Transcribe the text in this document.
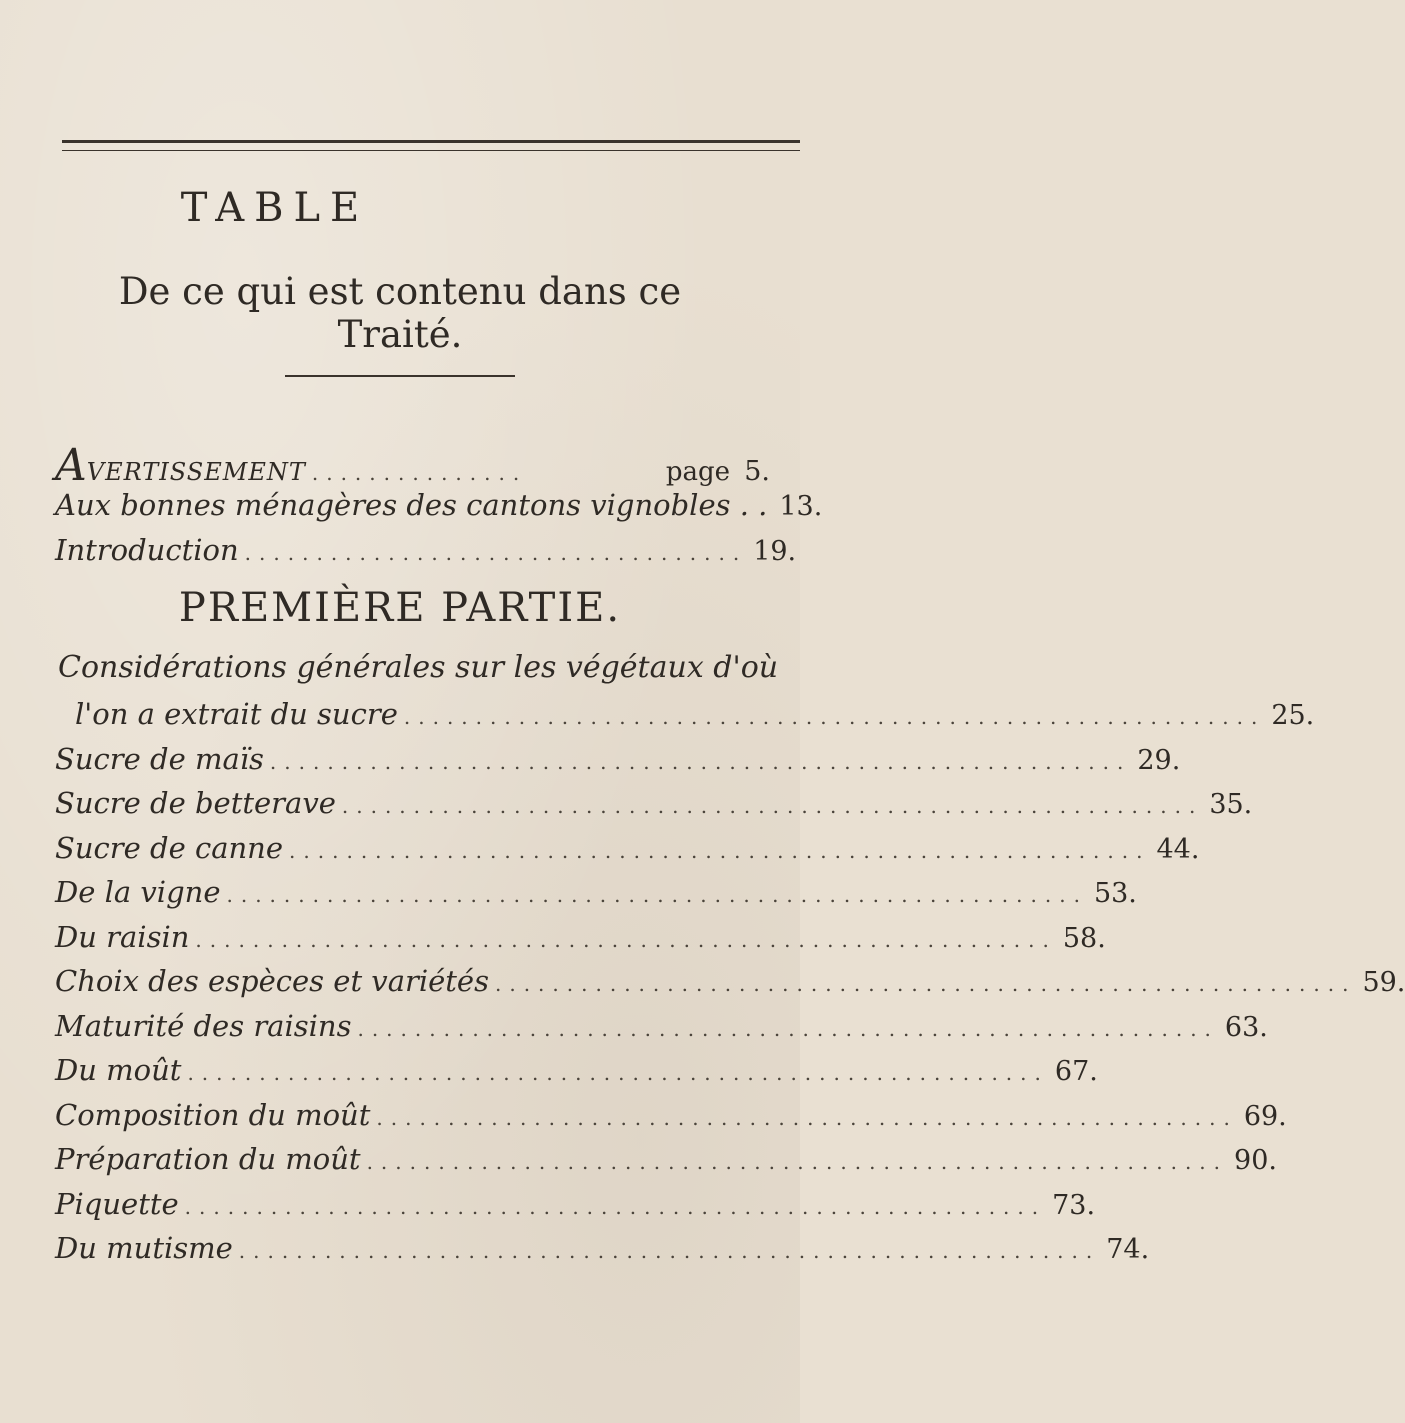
TABLE
De ce qui est contenu dans ce Traité.
AVERTISSEMENT ...............	page 5.
Aux bonnes ménagères des cantons vignobles . . 13.
Introduction ................................... 19.
PREMIÈRE PARTIE.
Considérations générales sur les végétaux d'où
l'on a extrait du sucre ............................................................ 25.
Sucre de maïs ............................................................ 29.
Sucre de betterave ............................................................ 35.
Sucre de canne ............................................................ 44.
De la vigne ............................................................ 53.
Du raisin ............................................................ 58.
Choix des espèces et variétés ............................................................ 59.
Maturité des raisins ............................................................ 63.
Du moût ............................................................ 67.
Composition du moût ............................................................ 69.
Préparation du moût ............................................................ 90.
Piquette ............................................................ 73.
Du mutisme ............................................................ 74.
